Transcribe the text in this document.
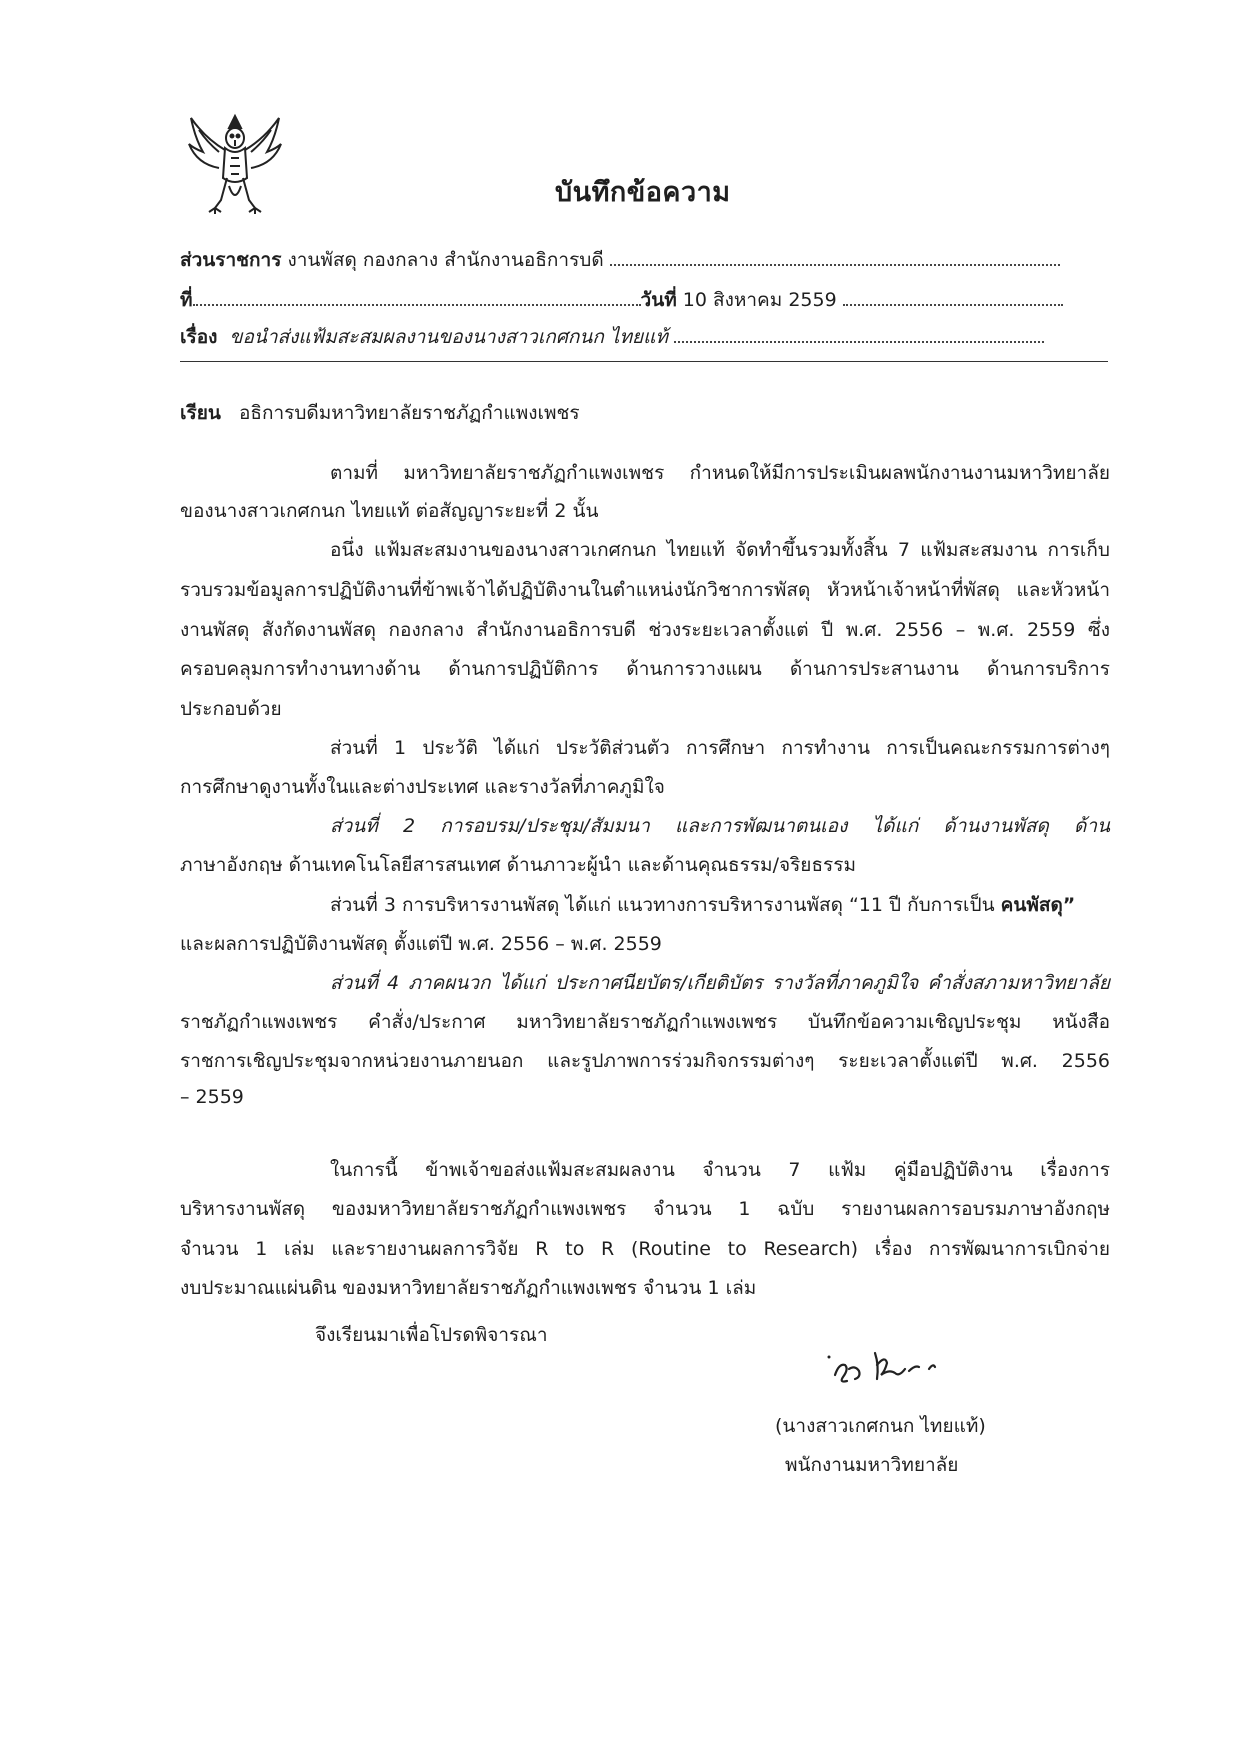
บันทึกข้อความ
ส่วนราชการ งานพัสดุ กองกลาง สำนักงานอธิการบดี
ที่	วันที่ 10 สิงหาคม 2559
เรื่อง ขอนำส่งแฟ้มสะสมผลงานของนางสาวเกศกนก ไทยแท้
เรียน อธิการบดีมหาวิทยาลัยราชภัฏกำแพงเพชร
ตามที่ มหาวิทยาลัยราชภัฏกำแพงเพชร กำหนดให้มีการประเมินผลพนักงานงานมหาวิทยาลัย
ของนางสาวเกศกนก ไทยแท้ ต่อสัญญาระยะที่ 2 นั้น
อนึ่ง แฟ้มสะสมงานของนางสาวเกศกนก ไทยแท้ จัดทำขึ้นรวมทั้งสิ้น 7 แฟ้มสะสมงาน การเก็บ
รวบรวมข้อมูลการปฏิบัติงานที่ข้าพเจ้าได้ปฏิบัติงานในตำแหน่งนักวิชาการพัสดุ หัวหน้าเจ้าหน้าที่พัสดุ และหัวหน้า
งานพัสดุ สังกัดงานพัสดุ กองกลาง สำนักงานอธิการบดี ช่วงระยะเวลาตั้งแต่ ปี พ.ศ. 2556 – พ.ศ. 2559 ซึ่ง
ครอบคลุมการทำงานทางด้าน ด้านการปฏิบัติการ ด้านการวางแผน ด้านการประสานงาน ด้านการบริการ
ประกอบด้วย
ส่วนที่ 1 ประวัติ ได้แก่ ประวัติส่วนตัว การศึกษา การทำงาน การเป็นคณะกรรมการต่างๆ
การศึกษาดูงานทั้งในและต่างประเทศ และรางวัลที่ภาคภูมิใจ
ส่วนที่ 2 การอบรม/ประชุม/สัมมนา และการพัฒนาตนเอง ได้แก่ ด้านงานพัสดุ ด้าน
ภาษาอังกฤษ ด้านเทคโนโลยีสารสนเทศ ด้านภาวะผู้นำ และด้านคุณธรรม/จริยธรรม
ส่วนที่ 3 การบริหารงานพัสดุ ได้แก่ แนวทางการบริหารงานพัสดุ “11 ปี กับการเป็น คนพัสดุ”
และผลการปฏิบัติงานพัสดุ ตั้งแต่ปี พ.ศ. 2556 – พ.ศ. 2559
ส่วนที่ 4 ภาคผนวก ได้แก่ ประกาศนียบัตร/เกียติบัตร รางวัลที่ภาคภูมิใจ คำสั่งสภามหาวิทยาลัย
ราชภัฏกำแพงเพชร คำสั่ง/ประกาศ มหาวิทยาลัยราชภัฏกำแพงเพชร บันทึกข้อความเชิญประชุม หนังสือ
ราชการเชิญประชุมจากหน่วยงานภายนอก และรูปภาพการร่วมกิจกรรมต่างๆ ระยะเวลาตั้งแต่ปี พ.ศ. 2556
– 2559
ในการนี้ ข้าพเจ้าขอส่งแฟ้มสะสมผลงาน จำนวน 7 แฟ้ม คู่มือปฏิบัติงาน เรื่องการ
บริหารงานพัสดุ ของมหาวิทยาลัยราชภัฏกำแพงเพชร จำนวน 1 ฉบับ รายงานผลการอบรมภาษาอังกฤษ
จำนวน 1 เล่ม และรายงานผลการวิจัย R to R (Routine to Research) เรื่อง การพัฒนาการเบิกจ่าย
งบประมาณแผ่นดิน ของมหาวิทยาลัยราชภัฏกำแพงเพชร จำนวน 1 เล่ม
จึงเรียนมาเพื่อโปรดพิจารณา
(นางสาวเกศกนก ไทยแท้)
พนักงานมหาวิทยาลัย
